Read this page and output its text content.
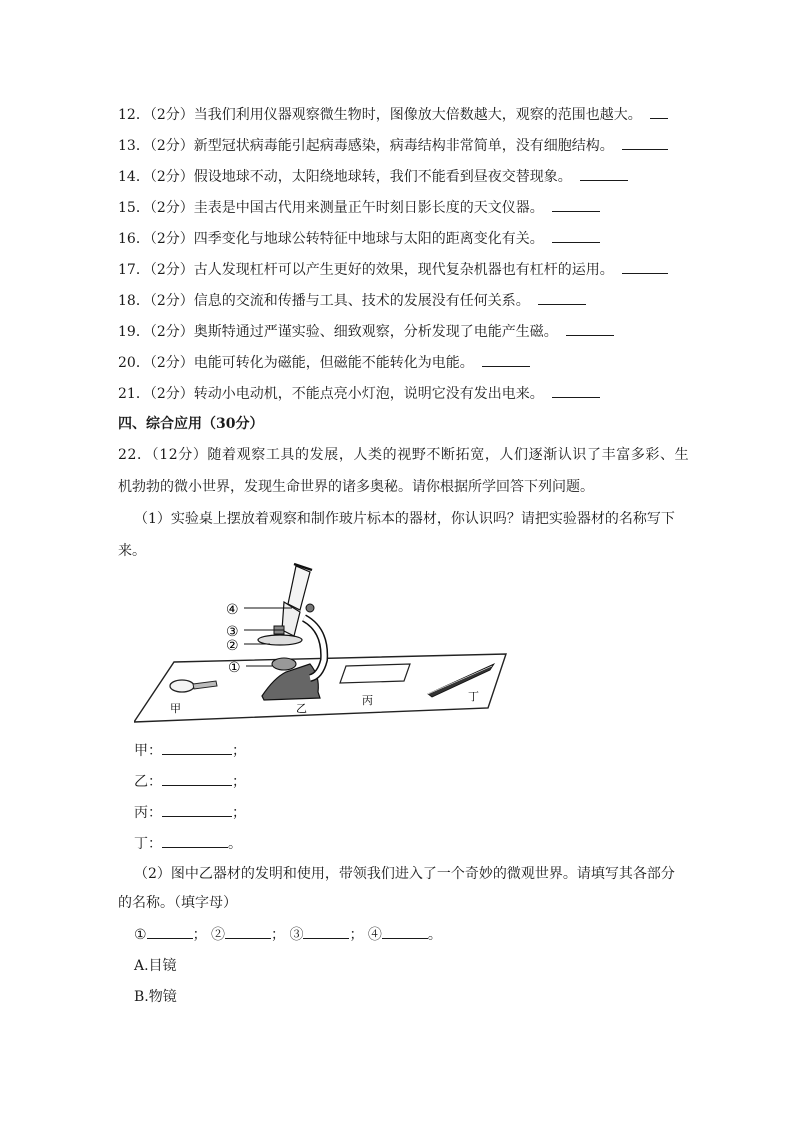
12．（2分）当我们利用仪器观察微生物时，图像放大倍数越大，观察的范围也越大。
13．（2分）新型冠状病毒能引起病毒感染，病毒结构非常简单，没有细胞结构。
14．（2分）假设地球不动，太阳绕地球转，我们不能看到昼夜交替现象。
15．（2分）圭表是中国古代用来测量正午时刻日影长度的天文仪器。
16．（2分）四季变化与地球公转特征中地球与太阳的距离变化有关。
17．（2分）古人发现杠杆可以产生更好的效果，现代复杂机器也有杠杆的运用。
18．（2分）信息的交流和传播与工具、技术的发展没有任何关系。
19．（2分）奥斯特通过严谨实验、细致观察，分析发现了电能产生磁。
20．（2分）电能可转化为磁能，但磁能不能转化为电能。
21．（2分）转动小电动机，不能点亮小灯泡，说明它没有发出电来。
四、综合应用（30分）
22．（12分）随着观察工具的发展，人类的视野不断拓宽，人们逐渐认识了丰富多彩、生
机勃勃的微小世界，发现生命世界的诸多奥秘。请你根据所学回答下列问题。
（1）实验桌上摆放着观察和制作玻片标本的器材，你认识吗？请把实验器材的名称写下
来。
④
③
②
①
甲	乙
丙	丁
甲：	；
乙：	；
丙：	；
丁：	。
（2）图中乙器材的发明和使用，带领我们进入了一个奇妙的微观世界。请填写其各部分
的名称。（填字母）
①	； ②	； ③	； ④	。
A.目镜
B.物镜
